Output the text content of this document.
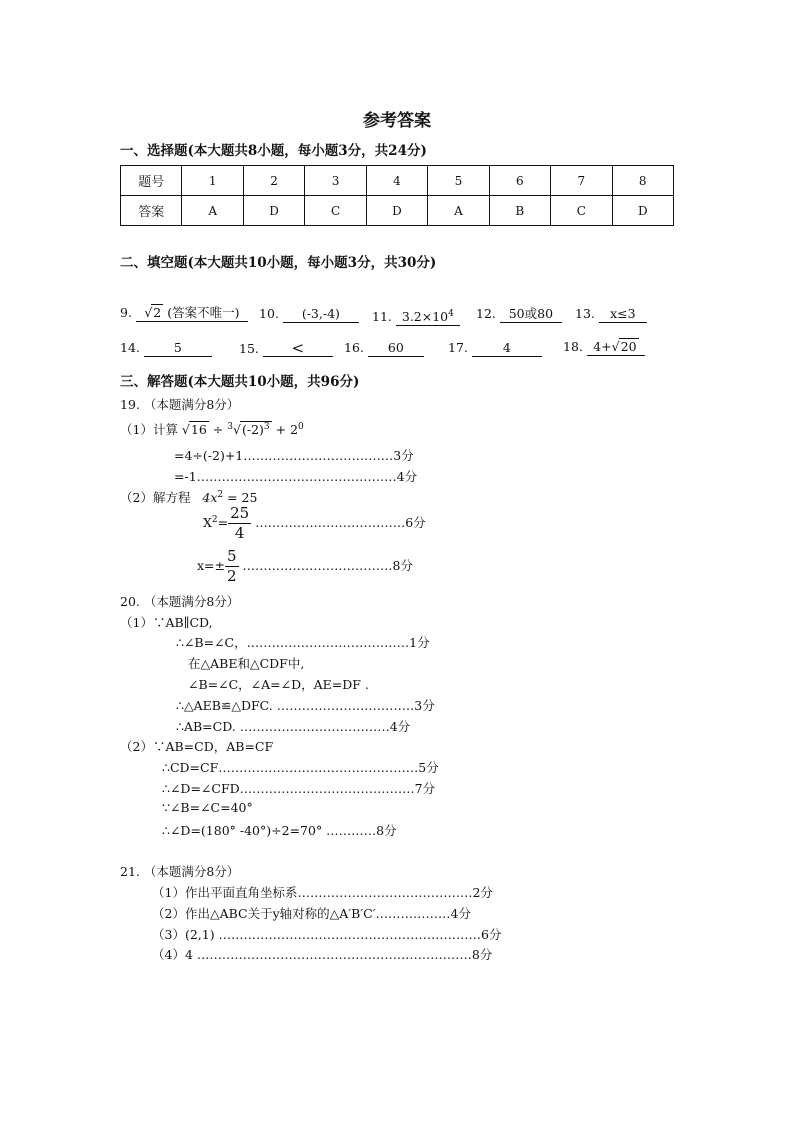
参考答案
一、选择题(本大题共8小题，每小题3分，共24分)
题号	1	2	3	4	5	6	7	8
答案	A	D	C	D	A	B	C	D
二、填空题(本大题共10小题，每小题3分，共30分)
9. √2 (答案不唯一)	10. (-3,-4)	11. $3.2\times 10^4$	12. 50或80	13. x≤3
14.	5	15. <	16. 60	17.	4	18. 4+√20
三、解答题(本大题共10小题，共96分)
19. （本题满分8分）
（1）计算 $√16 \div ^3√(-2)^3 + 2^0$
=4÷(-2)+1………………………………3分
=-1…………………………………………4分
（2）解方程 $4x^2 = 25$
$X^2= \frac{25}{4}$ ………………………………6分
$x=\pm \frac{5}{2}$ ………………………………8分
20. （本题满分8分）
（1）∵AB∥CD,
∴∠B=∠C，…………………………………1分
在△ABE和△CDF中,
∠B=∠C，∠A=∠D，AE=DF .
∴△AEB≌△DFC. ……………………………3分
∴AB=CD. ………………………………4分
（2）∵AB=CD，AB=CF
∴CD=CF…………………………………………5分
∴∠D=∠CFD……………………………………7分
∵∠B=∠C=40°
∴∠D=(180° -40°)÷2=70° …………8分
21. （本题满分8分）
（1）作出平面直角坐标系……………………………………2分
（2）作出△ABC关于y轴对称的△A′B′C′………………4分
（3）(2,1) ………………………………………………………6分
（4）4 …………………………………………………………8分
